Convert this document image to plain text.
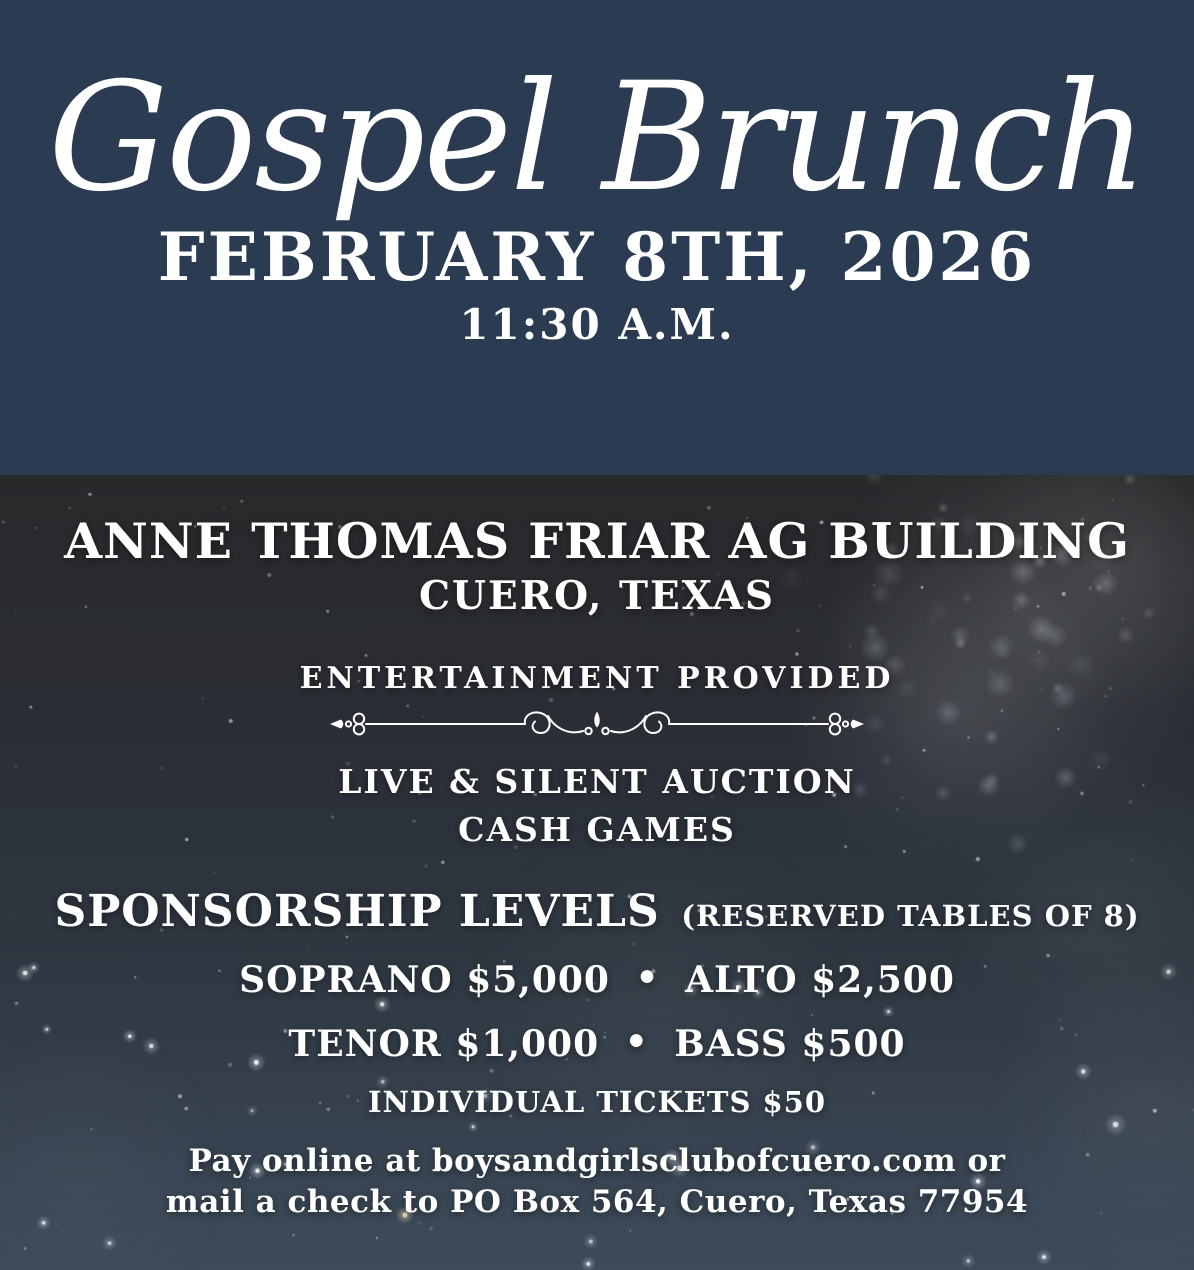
Gospel Brunch
FEBRUARY 8TH, 2026
11:30 A.M.
ANNE THOMAS FRIAR AG BUILDING
CUERO, TEXAS
ENTERTAINMENT PROVIDED
LIVE & SILENT AUCTION
CASH GAMES
SPONSORSHIP LEVELS (RESERVED TABLES OF 8)
SOPRANO $5,000 • ALTO $2,500
TENOR $1,000 • BASS $500
INDIVIDUAL TICKETS $50
Pay online at boysandgirlsclubofcuero.com or
mail a check to PO Box 564, Cuero, Texas 77954
